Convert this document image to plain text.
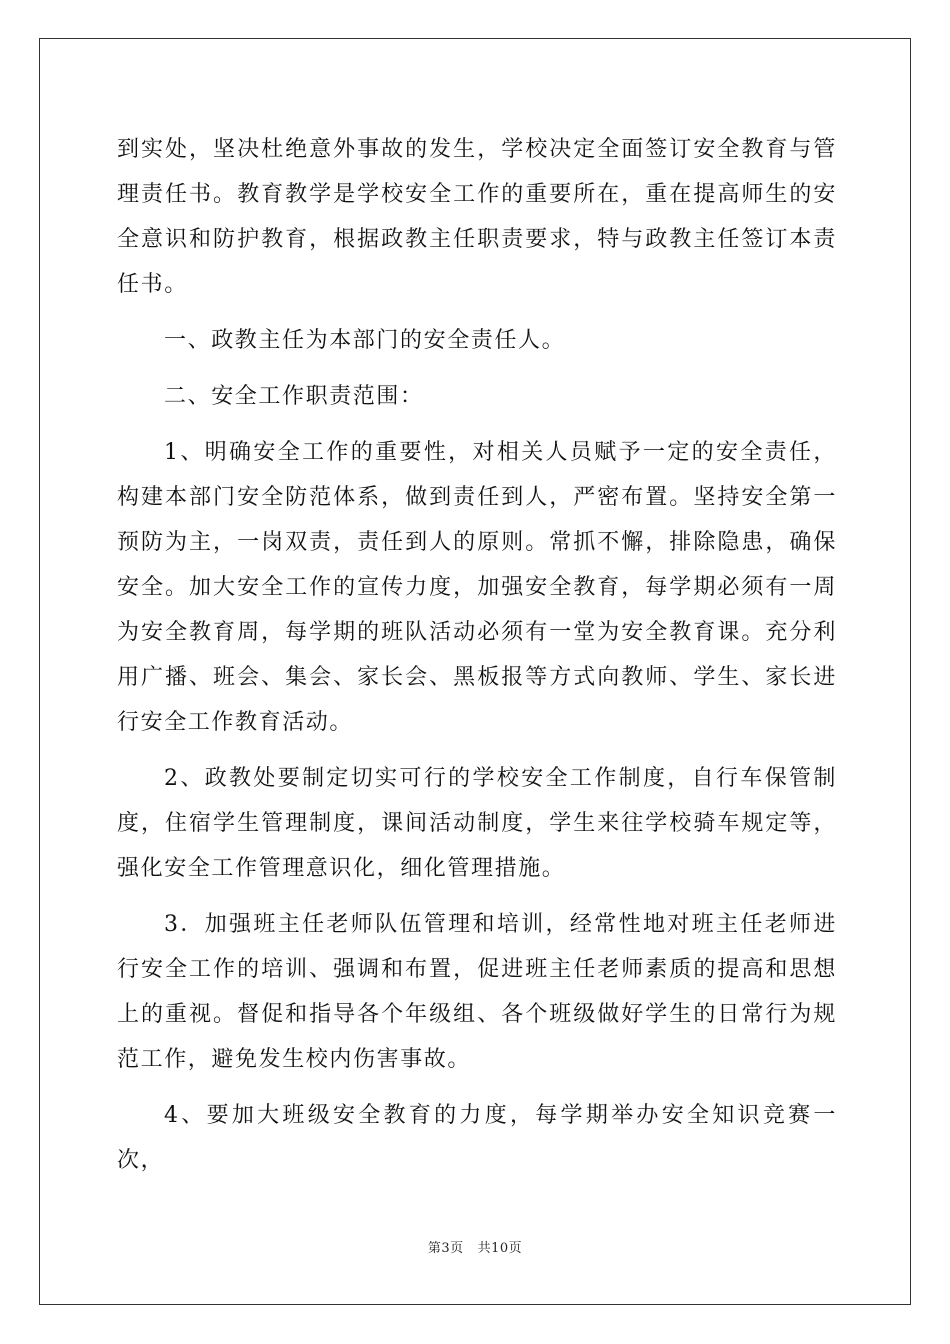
到实处，坚决杜绝意外事故的发生，学校决定全面签订安全教育与管理责任书。教育教学是学校安全工作的重要所在，重在提高师生的安全意识和防护教育，根据政教主任职责要求，特与政教主任签订本责任书。

一、政教主任为本部门的安全责任人。

二、安全工作职责范围：

1、明确安全工作的重要性，对相关人员赋予一定的安全责任，构建本部门安全防范体系，做到责任到人，严密布置。坚持安全第一预防为主，一岗双责，责任到人的原则。常抓不懈，排除隐患，确保安全。加大安全工作的宣传力度，加强安全教育，每学期必须有一周为安全教育周，每学期的班队活动必须有一堂为安全教育课。充分利用广播、班会、集会、家长会、黑板报等方式向教师、学生、家长进行安全工作教育活动。

2、政教处要制定切实可行的学校安全工作制度，自行车保管制度，住宿学生管理制度，课间活动制度，学生来往学校骑车规定等，强化安全工作管理意识化，细化管理措施。

3．加强班主任老师队伍管理和培训，经常性地对班主任老师进行安全工作的培训、强调和布置，促进班主任老师素质的提高和思想上的重视。督促和指导各个年级组、各个班级做好学生的日常行为规范工作，避免发生校内伤害事故。

4、要加大班级安全教育的力度，每学期举办安全知识竞赛一次，

第3页 共10页
